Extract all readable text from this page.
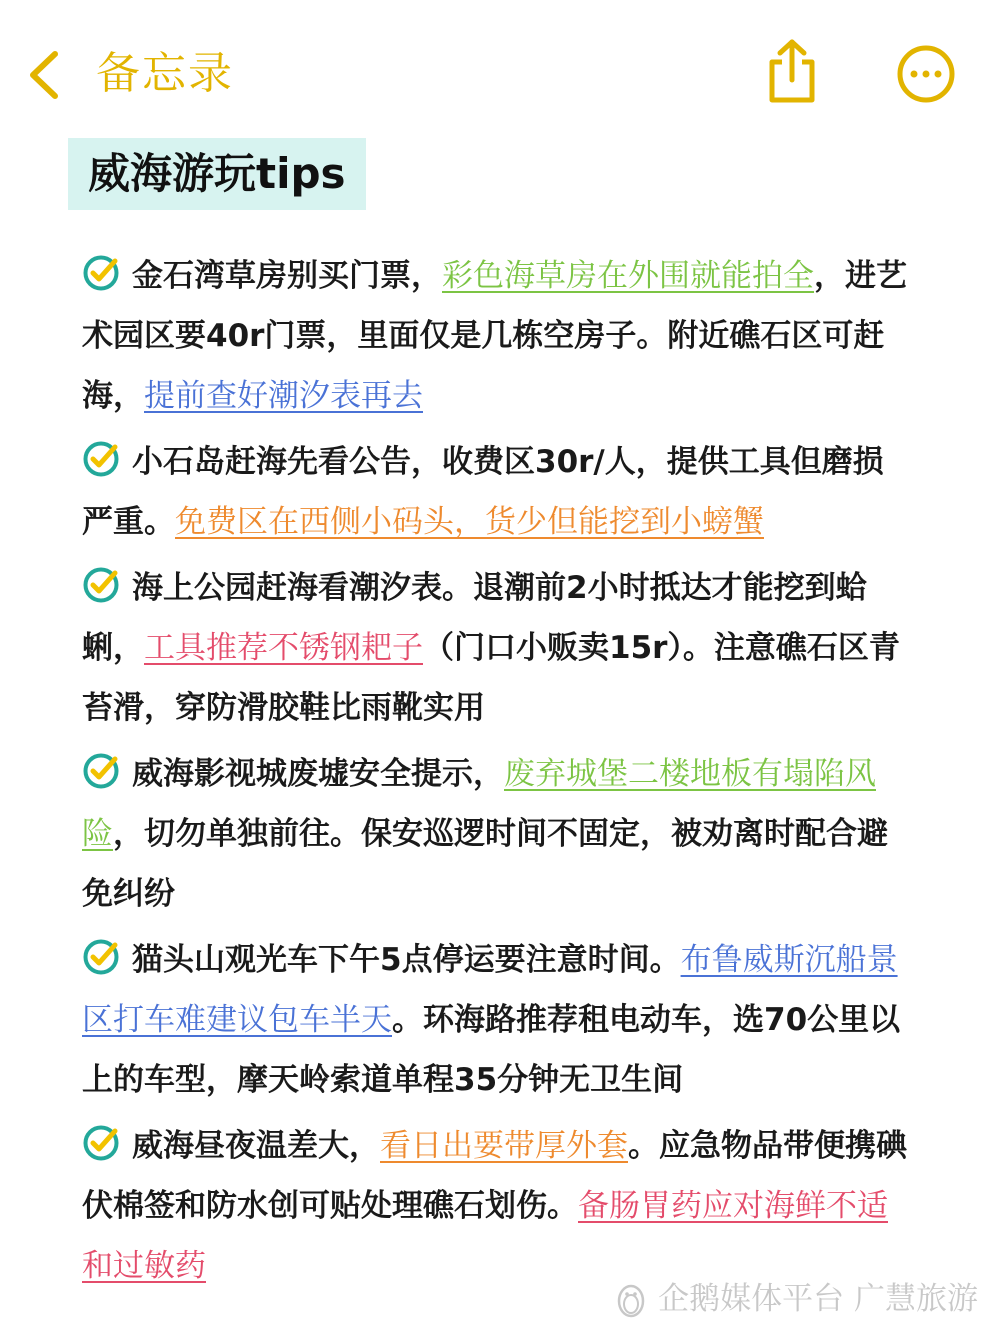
备忘录
威海游玩tips
金石湾草房别买门票，彩色海草房在外围就能拍全，进艺术园区要40r门票，里面仅是几栋空房子。附近礁石区可赶海，提前查好潮汐表再去
小石岛赶海先看公告，收费区30r/人，提供工具但磨损严重。免费区在西侧小码头，货少但能挖到小螃蟹
海上公园赶海看潮汐表。退潮前2小时抵达才能挖到蛤蜊，工具推荐不锈钢耙子（门口小贩卖15r）。注意礁石区青苔滑，穿防滑胶鞋比雨靴实用
威海影视城废墟安全提示，废弃城堡二楼地板有塌陷风险，切勿单独前往。保安巡逻时间不固定，被劝离时配合避免纠纷
猫头山观光车下午5点停运要注意时间。布鲁威斯沉船景区打车难建议包车半天。环海路推荐租电动车，选70公里以上的车型，摩天岭索道单程35分钟无卫生间
威海昼夜温差大，看日出要带厚外套。应急物品带便携碘伏棉签和防水创可贴处理礁石划伤。备肠胃药应对海鲜不适和过敏药
企鹅媒体平台 广慧旅游
